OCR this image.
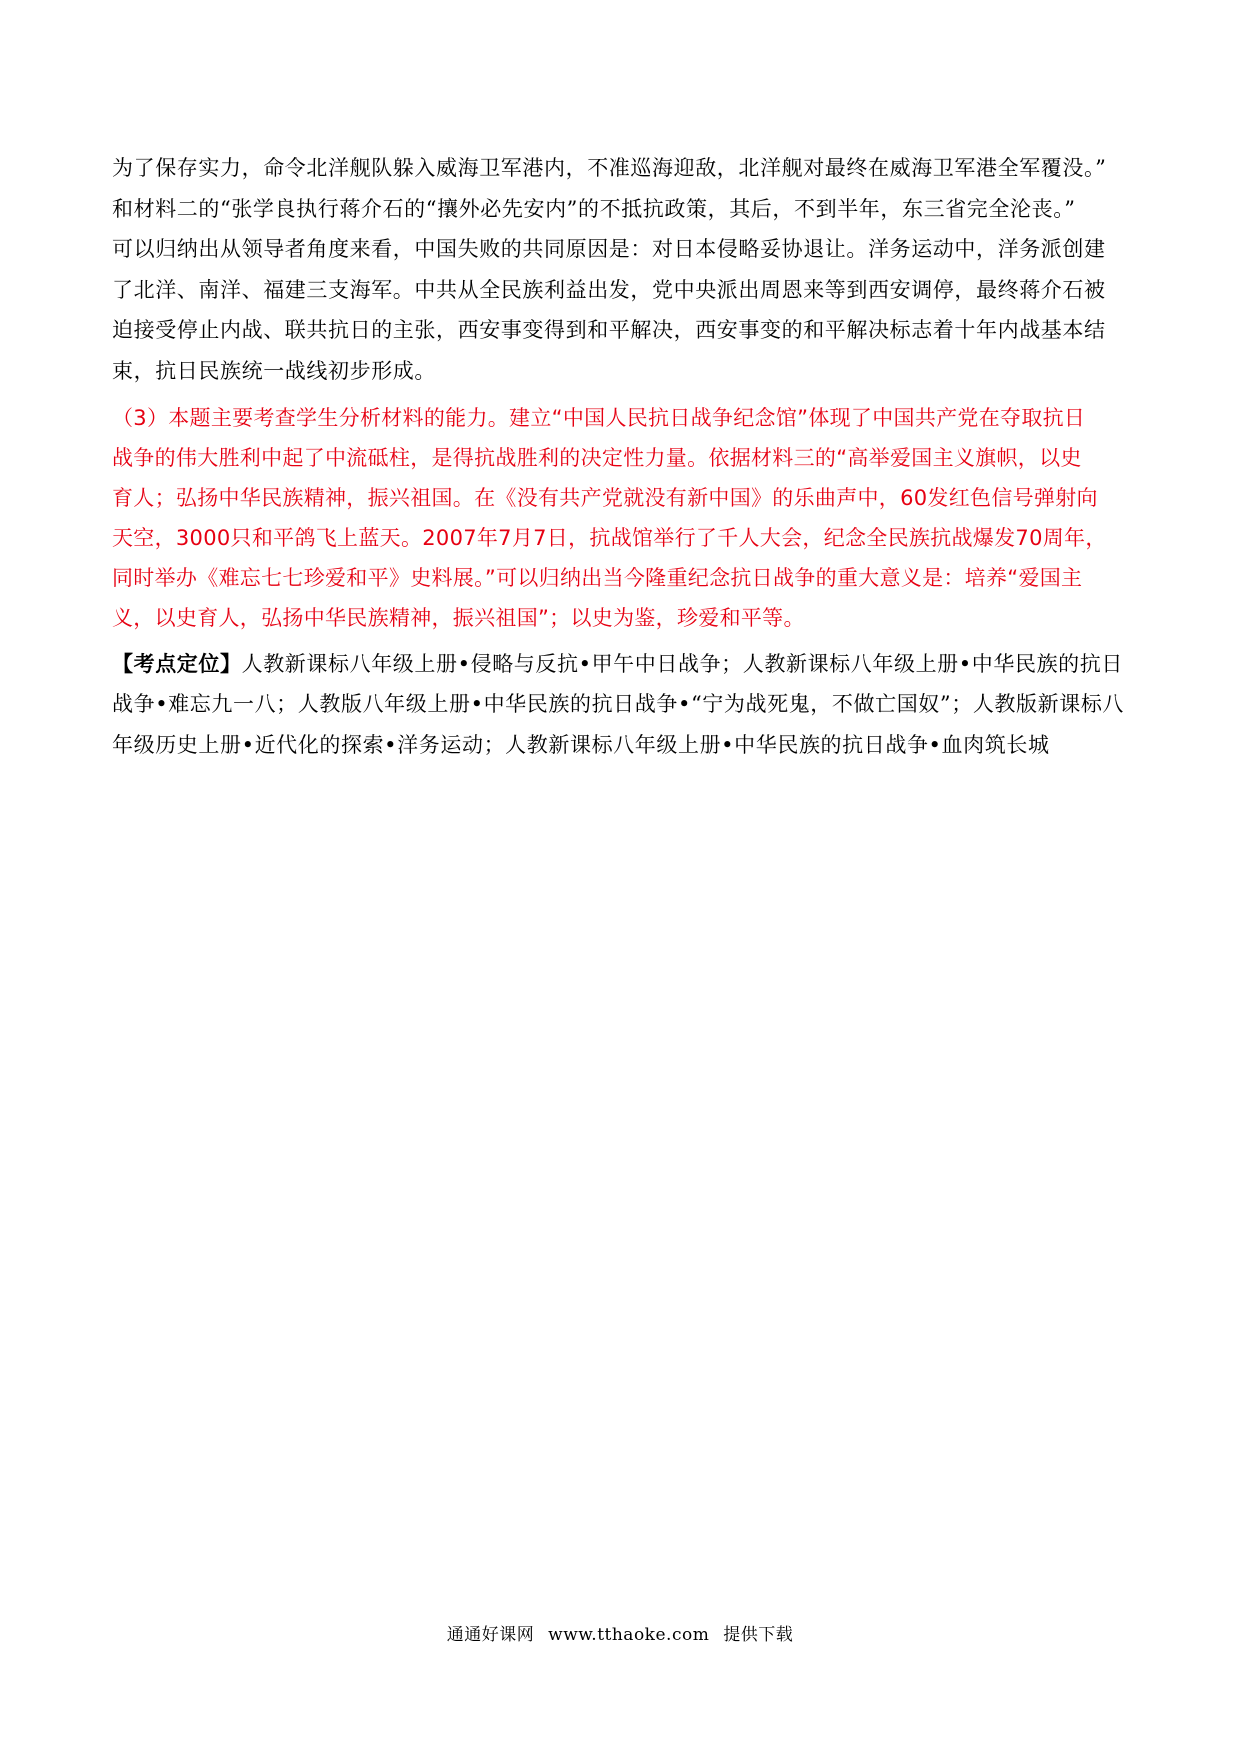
为了保存实力，命令北洋舰队躲入威海卫军港内，不准巡海迎敌，北洋舰对最终在威海卫军港全军覆没。”

和材料二的“张学良执行蒋介石的“攘外必先安内”的不抵抗政策，其后，不到半年，东三省完全沦丧。”

可以归纳出从领导者角度来看，中国失败的共同原因是：对日本侵略妥协退让。洋务运动中，洋务派创建

了北洋、南洋、福建三支海军。中共从全民族利益出发，党中央派出周恩来等到西安调停，最终蒋介石被

迫接受停止内战、联共抗日的主张，西安事变得到和平解决，西安事变的和平解决标志着十年内战基本结

束，抗日民族统一战线初步形成。

（3）本题主要考查学生分析材料的能力。建立“中国人民抗日战争纪念馆”体现了中国共产党在夺取抗日

战争的伟大胜利中起了中流砥柱，是得抗战胜利的决定性力量。依据材料三的“高举爱国主义旗帜，以史

育人；弘扬中华民族精神，振兴祖国。在《没有共产党就没有新中国》的乐曲声中，60发红色信号弹射向

天空，3000只和平鸽飞上蓝天。2007年7月7日，抗战馆举行了千人大会，纪念全民族抗战爆发70周年，

同时举办《难忘七七珍爱和平》史料展。”可以归纳出当今隆重纪念抗日战争的重大意义是：培养“爱国主

义，以史育人，弘扬中华民族精神，振兴祖国”；以史为鉴，珍爱和平等。

【考点定位】人教新课标八年级上册•侵略与反抗•甲午中日战争；人教新课标八年级上册•中华民族的抗日

战争•难忘九一八；人教版八年级上册•中华民族的抗日战争•“宁为战死鬼，不做亡国奴”；人教版新课标八

年级历史上册•近代化的探索•洋务运动；人教新课标八年级上册•中华民族的抗日战争•血肉筑长城

通通好课网 www.tthaoke.com 提供下载
